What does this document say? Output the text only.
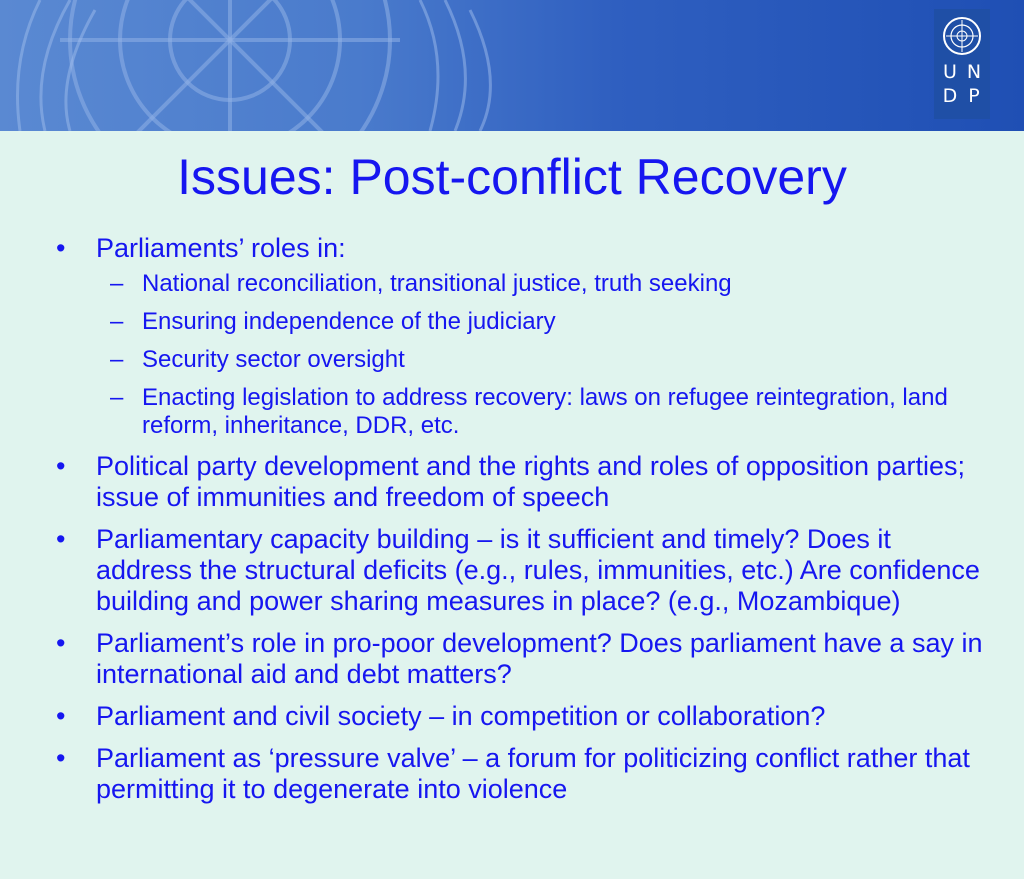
U N
D P
Issues: Post-conflict Recovery
• Parliaments’ roles in:
– National reconciliation, transitional justice, truth seeking
– Ensuring independence of the judiciary
– Security sector oversight
– Enacting legislation to address recovery: laws on refugee reintegration, land reform, inheritance, DDR, etc.
• Political party development and the rights and roles of opposition parties; issue of immunities and freedom of speech
• Parliamentary capacity building – is it sufficient and timely? Does it address the structural deficits (e.g., rules, immunities, etc.) Are confidence building and power sharing measures in place? (e.g., Mozambique)
• Parliament’s role in pro-poor development? Does parliament have a say in international aid and debt matters?
• Parliament and civil society – in competition or collaboration?
• Parliament as ‘pressure valve’ – a forum for politicizing conflict rather that permitting it to degenerate into violence
